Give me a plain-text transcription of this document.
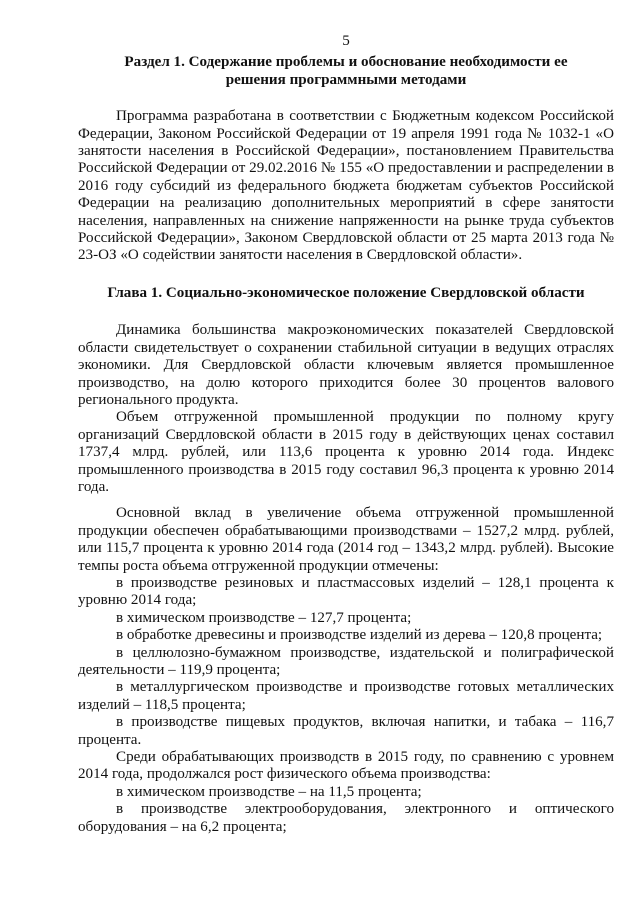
5
Раздел 1. Содержание проблемы и обоснование необходимости ее решения программными методами

Программа разработана в соответствии с Бюджетным кодексом Российской Федерации, Законом Российской Федерации от 19 апреля 1991 года № 1032-1 «О занятости населения в Российской Федерации», постановлением Правительства Российской Федерации от 29.02.2016 № 155 «О предоставлении и распределении в 2016 году субсидий из федерального бюджета бюджетам субъектов Российской Федерации на реализацию дополнительных мероприятий в сфере занятости населения, направленных на снижение напряженности на рынке труда субъектов Российской Федерации», Законом Свердловской области от 25 марта 2013 года № 23-ОЗ «О содействии занятости населения в Свердловской области».

Глава 1. Социально-экономическое положение Свердловской области

Динамика большинства макроэкономических показателей Свердловской области свидетельствует о сохранении стабильной ситуации в ведущих отраслях экономики. Для Свердловской области ключевым является промышленное производство, на долю которого приходится более 30 процентов валового регионального продукта.

Объем отгруженной промышленной продукции по полному кругу организаций Свердловской области в 2015 году в действующих ценах составил 1737,4 млрд. рублей, или 113,6 процента к уровню 2014 года. Индекс промышленного производства в 2015 году составил 96,3 процента к уровню 2014 года.

Основной вклад в увеличение объема отгруженной промышленной продукции обеспечен обрабатывающими производствами – 1527,2 млрд. рублей, или 115,7 процента к уровню 2014 года (2014 год – 1343,2 млрд. рублей). Высокие темпы роста объема отгруженной продукции отмечены:

в производстве резиновых и пластмассовых изделий – 128,1 процента к уровню 2014 года;

в химическом производстве – 127,7 процента;

в обработке древесины и производстве изделий из дерева – 120,8 процента;

в целлюлозно-бумажном производстве, издательской и полиграфической деятельности – 119,9 процента;

в металлургическом производстве и производстве готовых металлических изделий – 118,5 процента;

в производстве пищевых продуктов, включая напитки, и табака – 116,7 процента.

Среди обрабатывающих производств в 2015 году, по сравнению с уровнем 2014 года, продолжался рост физического объема производства:

в химическом производстве – на 11,5 процента;

в производстве электрооборудования, электронного и оптического оборудования – на 6,2 процента;
